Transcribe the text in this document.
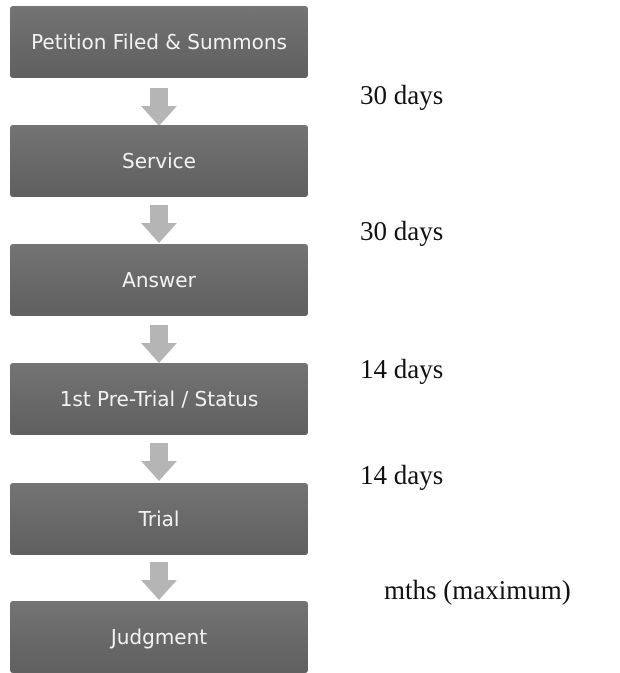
Petition Filed & Summons
Service
Answer
1st Pre-Trial / Status
Trial
Judgment
30 days
30 days
14 days
14 days
mths (maximum)
